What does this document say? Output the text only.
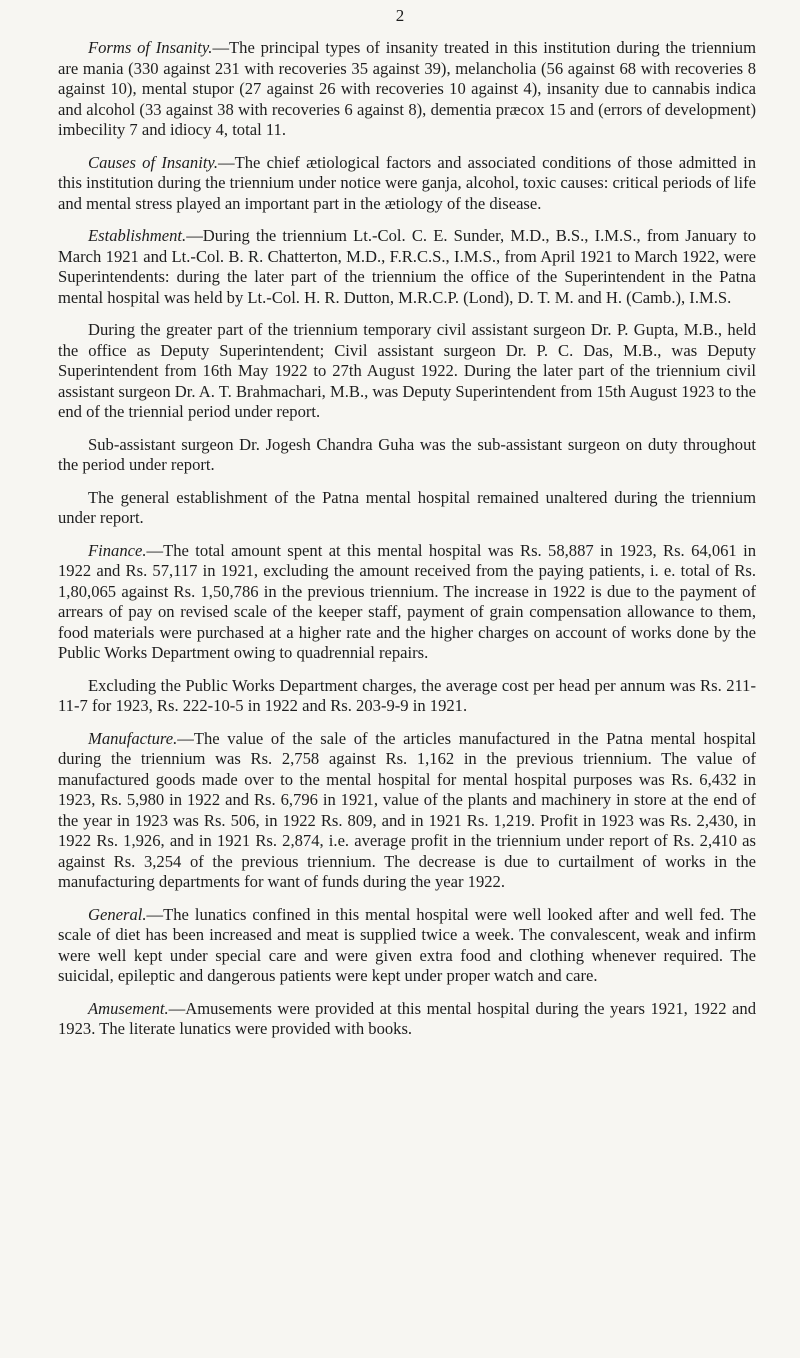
2

Forms of Insanity.—The principal types of insanity treated in this institution during the triennium are mania (330 against 231 with recoveries 35 against 39), melancholia (56 against 68 with recoveries 8 against 10), mental stupor (27 against 26 with recoveries 10 against 4), insanity due to cannabis indica and alcohol (33 against 38 with recoveries 6 against 8), dementia præcox 15 and (errors of development) imbecility 7 and idiocy 4, total 11.

Causes of Insanity.—The chief ætiological factors and associated conditions of those admitted in this institution during the triennium under notice were ganja, alcohol, toxic causes: critical periods of life and mental stress played an important part in the ætiology of the disease.

Establishment.—During the triennium Lt.-Col. C. E. Sunder, M.D., B.S., I.M.S., from January to March 1921 and Lt.-Col. B. R. Chatterton, M.D., F.R.C.S., I.M.S., from April 1921 to March 1922, were Superintendents: during the later part of the triennium the office of the Superintendent in the Patna mental hospital was held by Lt.-Col. H. R. Dutton, M.R.C.P. (Lond), D. T. M. and H. (Camb.), I.M.S.

During the greater part of the triennium temporary civil assistant surgeon Dr. P. Gupta, M.B., held the office as Deputy Superintendent; Civil assistant surgeon Dr. P. C. Das, M.B., was Deputy Superintendent from 16th May 1922 to 27th August 1922. During the later part of the triennium civil assistant surgeon Dr. A. T. Brahmachari, M.B., was Deputy Superintendent from 15th August 1923 to the end of the triennial period under report.

Sub-assistant surgeon Dr. Jogesh Chandra Guha was the sub-assistant surgeon on duty throughout the period under report.

The general establishment of the Patna mental hospital remained unaltered during the triennium under report.

Finance.—The total amount spent at this mental hospital was Rs. 58,887 in 1923, Rs. 64,061 in 1922 and Rs. 57,117 in 1921, excluding the amount received from the paying patients, i. e. total of Rs. 1,80,065 against Rs. 1,50,786 in the previous triennium. The increase in 1922 is due to the payment of arrears of pay on revised scale of the keeper staff, payment of grain compensation allowance to them, food materials were purchased at a higher rate and the higher charges on account of works done by the Public Works Department owing to quadrennial repairs.

Excluding the Public Works Department charges, the average cost per head per annum was Rs. 211-11-7 for 1923, Rs. 222-10-5 in 1922 and Rs. 203-9-9 in 1921.

Manufacture.—The value of the sale of the articles manufactured in the Patna mental hospital during the triennium was Rs. 2,758 against Rs. 1,162 in the previous triennium. The value of manufactured goods made over to the mental hospital for mental hospital purposes was Rs. 6,432 in 1923, Rs. 5,980 in 1922 and Rs. 6,796 in 1921, value of the plants and machinery in store at the end of the year in 1923 was Rs. 506, in 1922 Rs. 809, and in 1921 Rs. 1,219. Profit in 1923 was Rs. 2,430, in 1922 Rs. 1,926, and in 1921 Rs. 2,874, i.e. average profit in the triennium under report of Rs. 2,410 as against Rs. 3,254 of the previous triennium. The decrease is due to curtailment of works in the manufacturing departments for want of funds during the year 1922.

General.—The lunatics confined in this mental hospital were well looked after and well fed. The scale of diet has been increased and meat is supplied twice a week. The convalescent, weak and infirm were well kept under special care and were given extra food and clothing whenever required. The suicidal, epileptic and dangerous patients were kept under proper watch and care.

Amusement.—Amusements were provided at this mental hospital during the years 1921, 1922 and 1923. The literate lunatics were provided with books.
